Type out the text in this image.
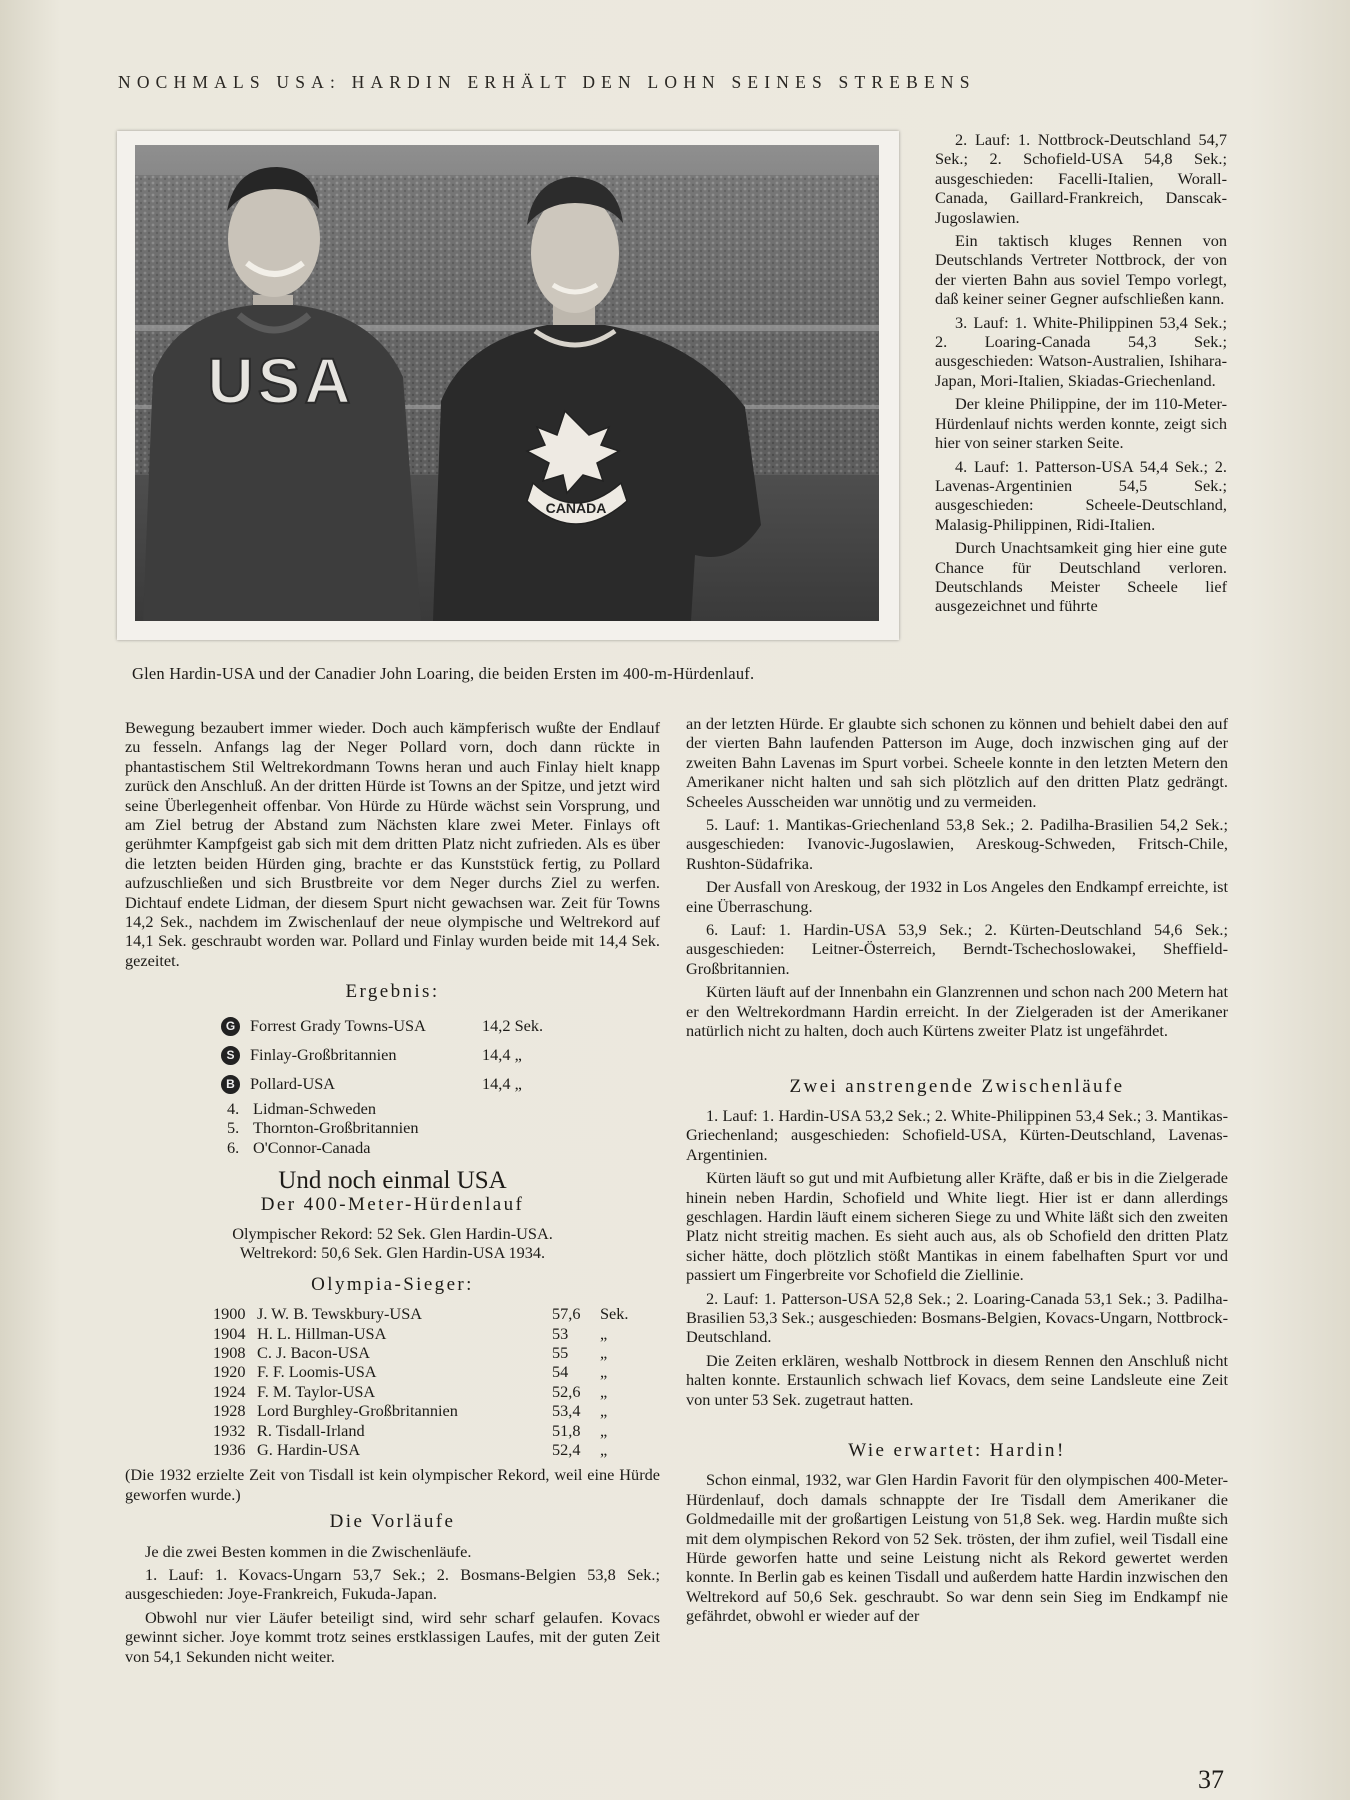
NOCHMALS USA: HARDIN ERHÄLT DEN LOHN SEINES STREBENS
USA
CANADA
Glen Hardin-USA und der Canadier John Loaring, die beiden Ersten im 400-m-Hürdenlauf.

2. Lauf: 1. Nottbrock-Deutschland 54,7 Sek.; 2. Schofield-USA 54,8 Sek.; ausgeschieden: Facelli-Italien, Worall-Canada, Gaillard-Frankreich, Danscak-Jugoslawien.

Ein taktisch kluges Rennen von Deutschlands Vertreter Nottbrock, der von der vierten Bahn aus soviel Tempo vorlegt, daß keiner seiner Gegner aufschließen kann.

3. Lauf: 1. White-Philippinen 53,4 Sek.; 2. Loaring-Canada 54,3 Sek.; ausgeschieden: Watson-Australien, Ishihara-Japan, Mori-Italien, Skiadas-Griechenland.

Der kleine Philippine, der im 110-Meter-Hürdenlauf nichts werden konnte, zeigt sich hier von seiner starken Seite.

4. Lauf: 1. Patterson-USA 54,4 Sek.; 2. Lavenas-Argentinien 54,5 Sek.; ausgeschieden: Scheele-Deutschland, Malasig-Philippinen, Ridi-Italien.

Durch Unachtsamkeit ging hier eine gute Chance für Deutschland verloren. Deutschlands Meister Scheele lief ausgezeichnet und führte

Bewegung bezaubert immer wieder. Doch auch kämpferisch wußte der Endlauf zu fesseln. Anfangs lag der Neger Pollard vorn, doch dann rückte in phantastischem Stil Weltrekordmann Towns heran und auch Finlay hielt knapp zurück den Anschluß. An der dritten Hürde ist Towns an der Spitze, und jetzt wird seine Überlegenheit offenbar. Von Hürde zu Hürde wächst sein Vorsprung, und am Ziel betrug der Abstand zum Nächsten klare zwei Meter. Finlays oft gerühmter Kampfgeist gab sich mit dem dritten Platz nicht zufrieden. Als es über die letzten beiden Hürden ging, brachte er das Kunststück fertig, zu Pollard aufzuschließen und sich Brustbreite vor dem Neger durchs Ziel zu werfen. Dichtauf endete Lidman, der diesem Spurt nicht gewachsen war. Zeit für Towns 14,2 Sek., nachdem im Zwischenlauf der neue olympische und Weltrekord auf 14,1 Sek. geschraubt worden war. Pollard und Finlay wurden beide mit 14,4 Sek. gezeitet.

Ergebnis:
G Forrest Grady Towns-USA	14,2 Sek.
S Finlay-Großbritannien	14,4 „
B Pollard-USA	14,4 „
4. Lidman-Schweden
5. Thornton-Großbritannien
6. O'Connor-Canada
Und noch einmal USA
Der 400-Meter-Hürdenlauf
Olympischer Rekord: 52 Sek. Glen Hardin-USA.
Weltrekord: 50,6 Sek. Glen Hardin-USA 1934.
Olympia-Sieger:
1900 J. W. B. Tewskbury-USA	57,6	Sek.
1904 H. L. Hillman-USA	53	„
1908 C. J. Bacon-USA	55	„
1920 F. F. Loomis-USA	54	„
1924 F. M. Taylor-USA	52,6	„
1928 Lord Burghley-Großbritannien	53,4	„
1932 R. Tisdall-Irland	51,8	„
1936 G. Hardin-USA	52,4	„

(Die 1932 erzielte Zeit von Tisdall ist kein olympischer Rekord, weil eine Hürde geworfen wurde.)

Die Vorläufe

Je die zwei Besten kommen in die Zwischenläufe.

1. Lauf: 1. Kovacs-Ungarn 53,7 Sek.; 2. Bosmans-Belgien 53,8 Sek.; ausgeschieden: Joye-Frankreich, Fukuda-Japan.

Obwohl nur vier Läufer beteiligt sind, wird sehr scharf gelaufen. Kovacs gewinnt sicher. Joye kommt trotz seines erstklassigen Laufes, mit der guten Zeit von 54,1 Sekunden nicht weiter.

an der letzten Hürde. Er glaubte sich schonen zu können und behielt dabei den auf der vierten Bahn laufenden Patterson im Auge, doch inzwischen ging auf der zweiten Bahn Lavenas im Spurt vorbei. Scheele konnte in den letzten Metern den Amerikaner nicht halten und sah sich plötzlich auf den dritten Platz gedrängt. Scheeles Ausscheiden war unnötig und zu vermeiden.

5. Lauf: 1. Mantikas-Griechenland 53,8 Sek.; 2. Padilha-Brasilien 54,2 Sek.; ausgeschieden: Ivanovic-Jugoslawien, Areskoug-Schweden, Fritsch-Chile, Rushton-Südafrika.

Der Ausfall von Areskoug, der 1932 in Los Angeles den Endkampf erreichte, ist eine Überraschung.

6. Lauf: 1. Hardin-USA 53,9 Sek.; 2. Kürten-Deutschland 54,6 Sek.; ausgeschieden: Leitner-Österreich, Berndt-Tschechoslowakei, Sheffield-Großbritannien.

Kürten läuft auf der Innenbahn ein Glanzrennen und schon nach 200 Metern hat er den Weltrekordmann Hardin erreicht. In der Zielgeraden ist der Amerikaner natürlich nicht zu halten, doch auch Kürtens zweiter Platz ist ungefährdet.

Zwei anstrengende Zwischenläufe

1. Lauf: 1. Hardin-USA 53,2 Sek.; 2. White-Philippinen 53,4 Sek.; 3. Mantikas-Griechenland; ausgeschieden: Schofield-USA, Kürten-Deutschland, Lavenas-Argentinien.

Kürten läuft so gut und mit Aufbietung aller Kräfte, daß er bis in die Zielgerade hinein neben Hardin, Schofield und White liegt. Hier ist er dann allerdings geschlagen. Hardin läuft einem sicheren Siege zu und White läßt sich den zweiten Platz nicht streitig machen. Es sieht auch aus, als ob Schofield den dritten Platz sicher hätte, doch plötzlich stößt Mantikas in einem fabelhaften Spurt vor und passiert um Fingerbreite vor Schofield die Ziellinie.

2. Lauf: 1. Patterson-USA 52,8 Sek.; 2. Loaring-Canada 53,1 Sek.; 3. Padilha-Brasilien 53,3 Sek.; ausgeschieden: Bosmans-Belgien, Kovacs-Ungarn, Nottbrock-Deutschland.

Die Zeiten erklären, weshalb Nottbrock in diesem Rennen den Anschluß nicht halten konnte. Erstaunlich schwach lief Kovacs, dem seine Landsleute eine Zeit von unter 53 Sek. zugetraut hatten.

Wie erwartet: Hardin!

Schon einmal, 1932, war Glen Hardin Favorit für den olympischen 400-Meter-Hürdenlauf, doch damals schnappte der Ire Tisdall dem Amerikaner die Goldmedaille mit der großartigen Leistung von 51,8 Sek. weg. Hardin mußte sich mit dem olympischen Rekord von 52 Sek. trösten, der ihm zufiel, weil Tisdall eine Hürde geworfen hatte und seine Leistung nicht als Rekord gewertet werden konnte. In Berlin gab es keinen Tisdall und außerdem hatte Hardin inzwischen den Weltrekord auf 50,6 Sek. geschraubt. So war denn sein Sieg im Endkampf nie gefährdet, obwohl er wieder auf der

37
